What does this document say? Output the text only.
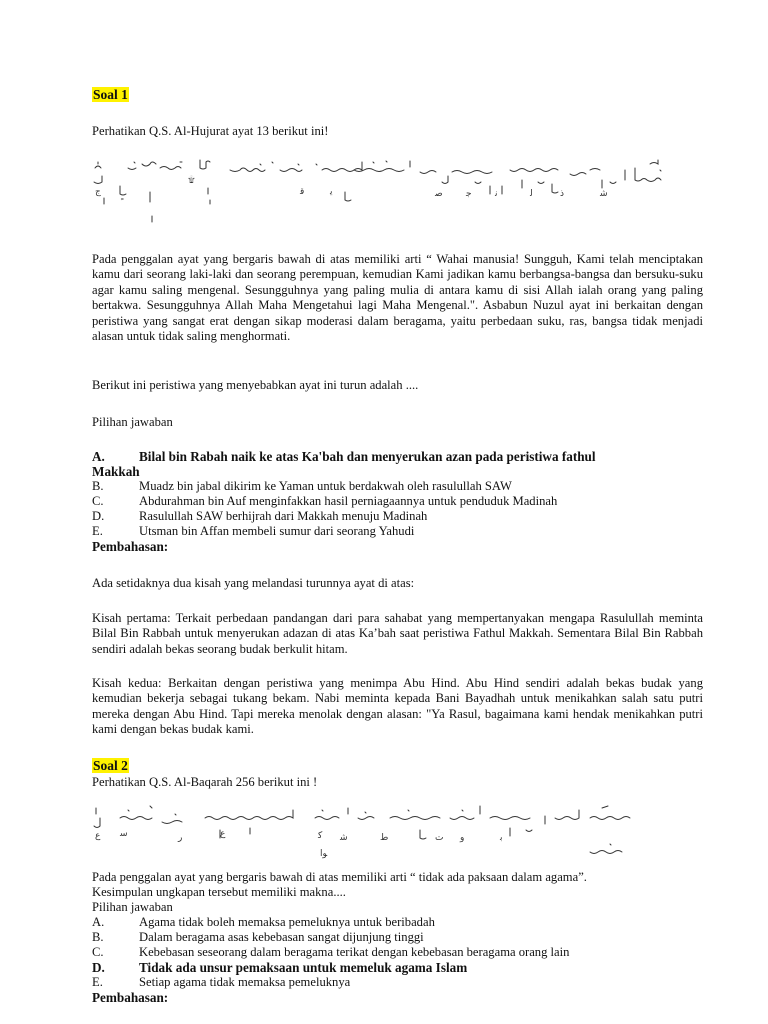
Soal 1
Perhatikan Q.S. Al-Hujurat ayat 13 berikut ini!
ج
۩
ﻗ	ﻳ	ﺻ	ﺟ	ﻧ	ﻟ	ﺫ	ﺷ
Pada penggalan ayat yang bergaris bawah di atas memiliki arti “ Wahai manusia! Sungguh, Kami telah menciptakan kamu dari seorang laki-laki dan seorang perempuan, kemudian Kami jadikan kamu berbangsa-bangsa dan bersuku-suku agar kamu saling mengenal. Sesungguhnya yang paling mulia di antara kamu di sisi Allah ialah orang yang paling bertakwa. Sesungguhnya Allah Maha Mengetahui lagi Maha Mengenal.". Asbabun Nuzul ayat ini berkaitan dengan peristiwa yang sangat erat dengan sikap moderasi dalam beragama, yaitu perbedaan suku, ras, bangsa tidak menjadi alasan untuk tidak saling menghormati.
Berikut ini peristiwa yang menyebabkan ayat ini turun adalah ....
Pilihan jawaban
A.	Bilal bin Rabah naik ke atas Ka'bah dan menyerukan azan pada peristiwa fathul
Makkah
B.	Muadz bin jabal dikirim ke Yaman untuk berdakwah oleh rasulullah SAW
C.	Abdurahman bin Auf menginfakkan hasil perniagaannya untuk penduduk Madinah
D.	Rasulullah SAW berhijrah dari Makkah menuju Madinah
E.	Utsman bin Affan membeli sumur dari seorang Yahudi
Pembahasan:
Ada setidaknya dua kisah yang melandasi turunnya ayat di atas:
Kisah pertama: Terkait perbedaan pandangan dari para sahabat yang mempertanyakan mengapa Rasulullah meminta Bilal Bin Rabbah untuk menyerukan adazan di atas Ka’bah saat peristiwa Fathul Makkah. Sementara Bilal Bin Rabbah sendiri adalah bekas seorang budak berkulit hitam.
Kisah kedua: Berkaitan dengan peristiwa yang menimpa Abu Hind. Abu Hind sendiri adalah bekas budak yang kemudian bekerja sebagai tukang bekam. Nabi meminta kepada Bani Bayadhah untuk menikahkan salah satu putri mereka dengan Abu Hind. Tapi mereka menolak dengan alasan: "Ya Rasul, bagaimana kami hendak menikahkan putri kami dengan bekas budak kami.
Soal 2
Perhatikan Q.S. Al-Baqarah 256 berikut ini !
ﻉ ﺳ	ﺭ	ﻉ	ﻛ ﺷ
ﻮﺍ
ﻁ	ﺕ ﻭ	ﺑ
Pada penggalan ayat yang bergaris bawah di atas memiliki arti “ tidak ada paksaan dalam agama”.
Kesimpulan ungkapan tersebut memiliki makna....
Pilihan jawaban
A.	Agama tidak boleh memaksa pemeluknya untuk beribadah
B.	Dalam beragama asas kebebasan sangat dijunjung tinggi
C.	Kebebasan seseorang dalam beragama terikat dengan kebebasan beragama orang lain
D.	Tidak ada unsur pemaksaan untuk memeluk agama Islam
E.	Setiap agama tidak memaksa pemeluknya
Pembahasan:
